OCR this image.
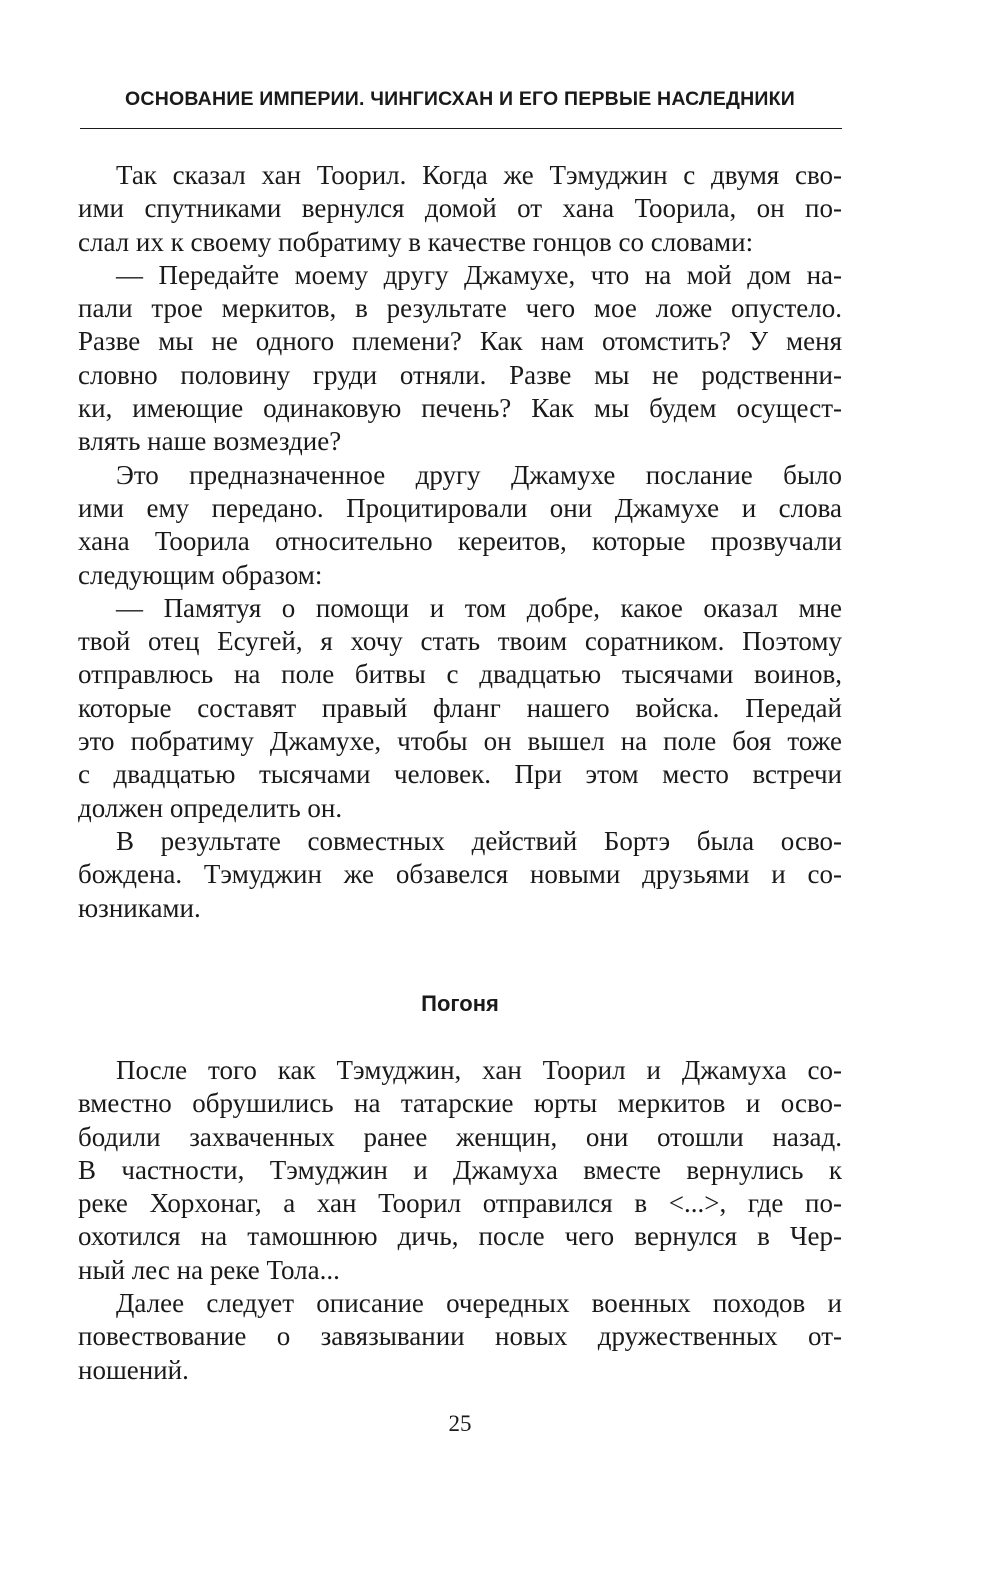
ОСНОВАНИЕ ИМПЕРИИ. ЧИНГИСХАН И ЕГО ПЕРВЫЕ НАСЛЕДНИКИ
Так сказал хан Тоорил. Когда же Тэмуджин с двумя сво-
ими спутниками вернулся домой от хана Тоорила, он по-
слал их к своему побратиму в качестве гонцов со словами:
— Передайте моему другу Джамухе, что на мой дом на-
пали трое меркитов, в результате чего мое ложе опустело.
Разве мы не одного племени? Как нам отомстить? У меня
словно половину груди отняли. Разве мы не родственни-
ки, имеющие одинаковую печень? Как мы будем осущест-
влять наше возмездие?
Это предназначенное другу Джамухе послание было
ими ему передано. Процитировали они Джамухе и слова
хана Тоорила относительно кереитов, которые прозвучали
следующим образом:
— Памятуя о помощи и том добре, какое оказал мне
твой отец Есугей, я хочу стать твоим соратником. Поэтому
отправлюсь на поле битвы с двадцатью тысячами воинов,
которые составят правый фланг нашего войска. Передай
это побратиму Джамухе, чтобы он вышел на поле боя тоже
с двадцатью тысячами человек. При этом место встречи
должен определить он.
В результате совместных действий Бортэ была осво-
бождена. Тэмуджин же обзавелся новыми друзьями и со-
юзниками.
Погоня
После того как Тэмуджин, хан Тоорил и Джамуха со-
вместно обрушились на татарские юрты меркитов и осво-
бодили захваченных ранее женщин, они отошли назад.
В частности, Тэмуджин и Джамуха вместе вернулись к
реке Хорхонаг, а хан Тоорил отправился в <...>, где по-
охотился на тамошнюю дичь, после чего вернулся в Чер-
ный лес на реке Тола...
Далее следует описание очередных военных походов и
повествование о завязывании новых дружественных от-
ношений.
25
